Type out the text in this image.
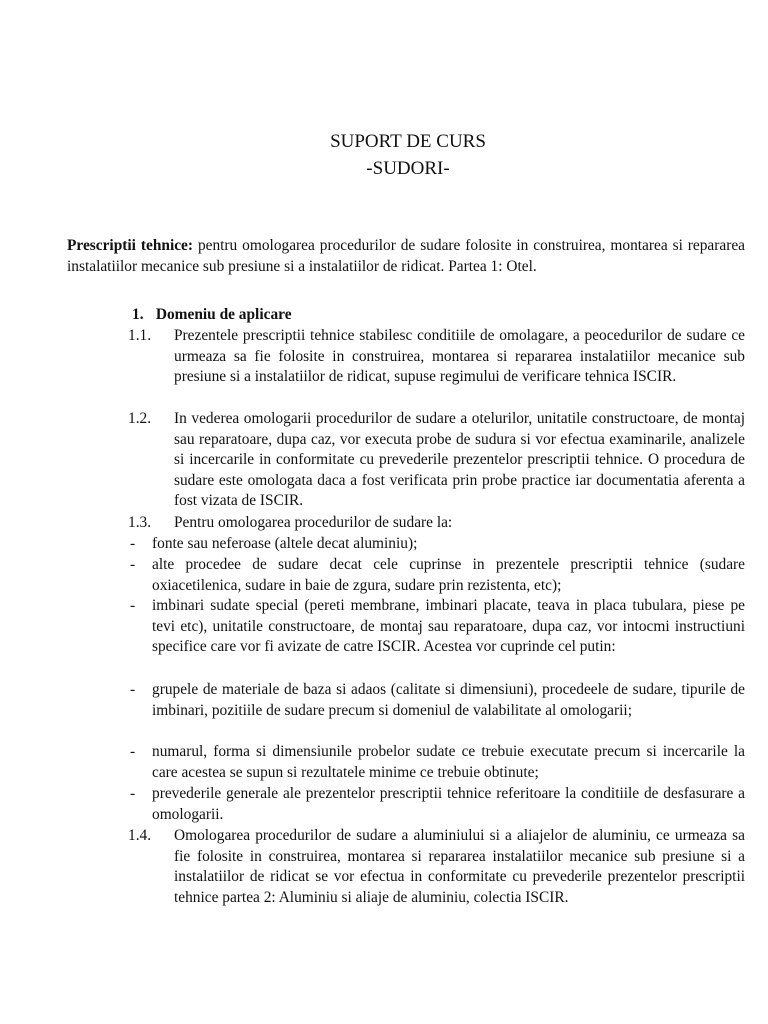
SUPORT DE CURS
-SUDORI-
Prescriptii tehnice: pentru omologarea procedurilor de sudare folosite in construirea, montarea si repararea instalatiilor mecanice sub presiune si a instalatiilor de ridicat. Partea 1: Otel.
1. Domeniu de aplicare
1.1. Prezentele prescriptii tehnice stabilesc conditiile de omolagare, a peocedurilor de sudare ce urmeaza sa fie folosite in construirea, montarea si repararea instalatiilor mecanice sub presiune si a instalatiilor de ridicat, supuse regimului de verificare tehnica ISCIR.
1.2. In vederea omologarii procedurilor de sudare a otelurilor, unitatile constructoare, de montaj sau reparatoare, dupa caz, vor executa probe de sudura si vor efectua examinarile, analizele si incercarile in conformitate cu prevederile prezentelor prescriptii tehnice. O procedura de sudare este omologata daca a fost verificata prin probe practice iar documentatia aferenta a fost vizata de ISCIR.
1.3. Pentru omologarea procedurilor de sudare la:
- fonte sau neferoase (altele decat aluminiu);
- alte procedee de sudare decat cele cuprinse in prezentele prescriptii tehnice (sudare oxiacetilenica, sudare in baie de zgura, sudare prin rezistenta, etc);
- imbinari sudate special (pereti membrane, imbinari placate, teava in placa tubulara, piese pe tevi etc), unitatile constructoare, de montaj sau reparatoare, dupa caz, vor intocmi instructiuni specifice care vor fi avizate de catre ISCIR. Acestea vor cuprinde cel putin:
- grupele de materiale de baza si adaos (calitate si dimensiuni), procedeele de sudare, tipurile de imbinari, pozitiile de sudare precum si domeniul de valabilitate al omologarii;
- numarul, forma si dimensiunile probelor sudate ce trebuie executate precum si incercarile la care acestea se supun si rezultatele minime ce trebuie obtinute;
- prevederile generale ale prezentelor prescriptii tehnice referitoare la conditiile de desfasurare a omologarii.
1.4. Omologarea procedurilor de sudare a aluminiului si a aliajelor de aluminiu, ce urmeaza sa fie folosite in construirea, montarea si repararea instalatiilor mecanice sub presiune si a instalatiilor de ridicat se vor efectua in conformitate cu prevederile prezentelor prescriptii tehnice partea 2: Aluminiu si aliaje de aluminiu, colectia ISCIR.
